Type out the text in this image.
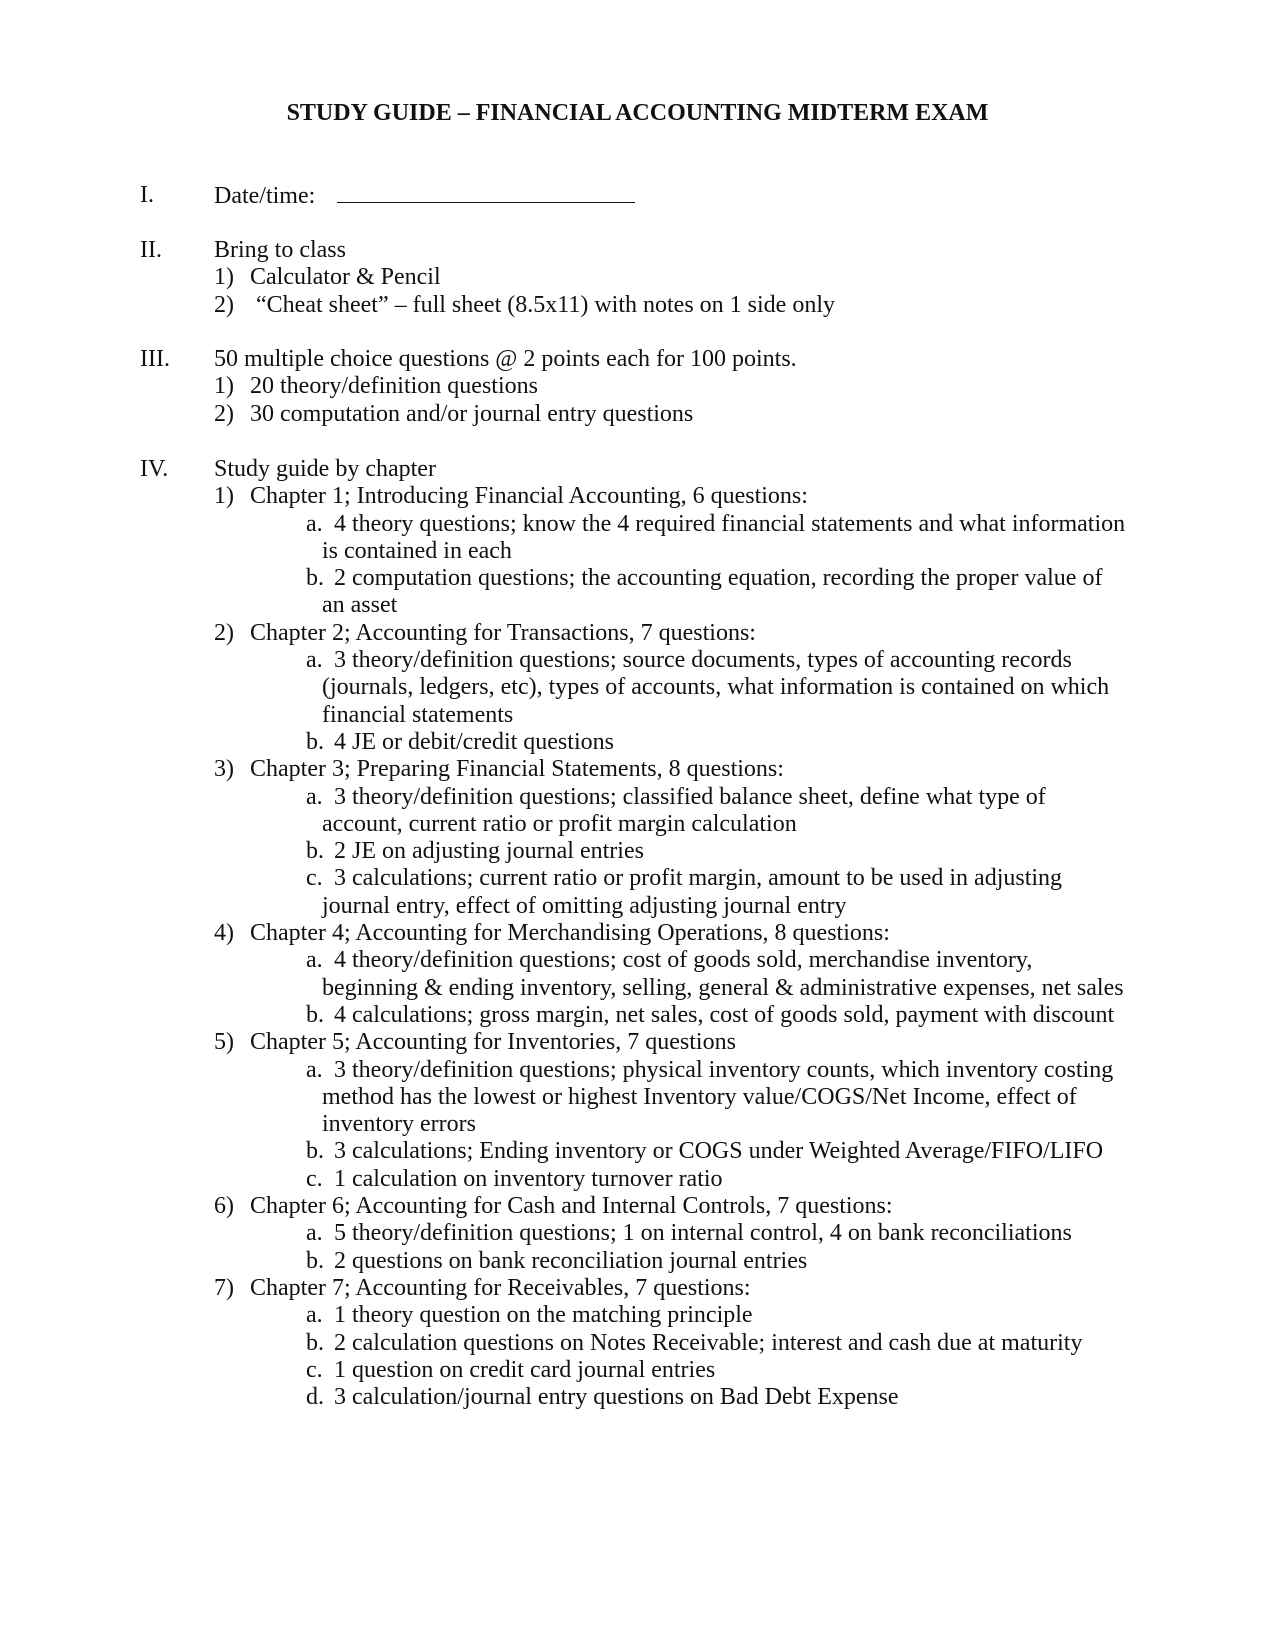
STUDY GUIDE – FINANCIAL ACCOUNTING MIDTERM EXAM
I.	Date/time:
II. Bring to class
1) Calculator & Pencil
2) “Cheat sheet” – full sheet (8.5x11) with notes on 1 side only
III. 50 multiple choice questions @ 2 points each for 100 points.
1) 20 theory/definition questions
2) 30 computation and/or journal entry questions
IV. Study guide by chapter
1) Chapter 1; Introducing Financial Accounting, 6 questions:
a. 4 theory questions; know the 4 required financial statements and what information
is contained in each
b. 2 computation questions; the accounting equation, recording the proper value of
an asset
2) Chapter 2; Accounting for Transactions, 7 questions:
a. 3 theory/definition questions; source documents, types of accounting records
(journals, ledgers, etc), types of accounts, what information is contained on which
financial statements
b. 4 JE or debit/credit questions
3) Chapter 3; Preparing Financial Statements, 8 questions:
a. 3 theory/definition questions; classified balance sheet, define what type of
account, current ratio or profit margin calculation
b. 2 JE on adjusting journal entries
c. 3 calculations; current ratio or profit margin, amount to be used in adjusting
journal entry, effect of omitting adjusting journal entry
4) Chapter 4; Accounting for Merchandising Operations, 8 questions:
a. 4 theory/definition questions; cost of goods sold, merchandise inventory,
beginning & ending inventory, selling, general & administrative expenses, net sales
b. 4 calculations; gross margin, net sales, cost of goods sold, payment with discount
5) Chapter 5; Accounting for Inventories, 7 questions
a. 3 theory/definition questions; physical inventory counts, which inventory costing
method has the lowest or highest Inventory value/COGS/Net Income, effect of
inventory errors
b. 3 calculations; Ending inventory or COGS under Weighted Average/FIFO/LIFO
c. 1 calculation on inventory turnover ratio
6) Chapter 6; Accounting for Cash and Internal Controls, 7 questions:
a. 5 theory/definition questions; 1 on internal control, 4 on bank reconciliations
b. 2 questions on bank reconciliation journal entries
7) Chapter 7; Accounting for Receivables, 7 questions:
a. 1 theory question on the matching principle
b. 2 calculation questions on Notes Receivable; interest and cash due at maturity
c. 1 question on credit card journal entries
d. 3 calculation/journal entry questions on Bad Debt Expense
